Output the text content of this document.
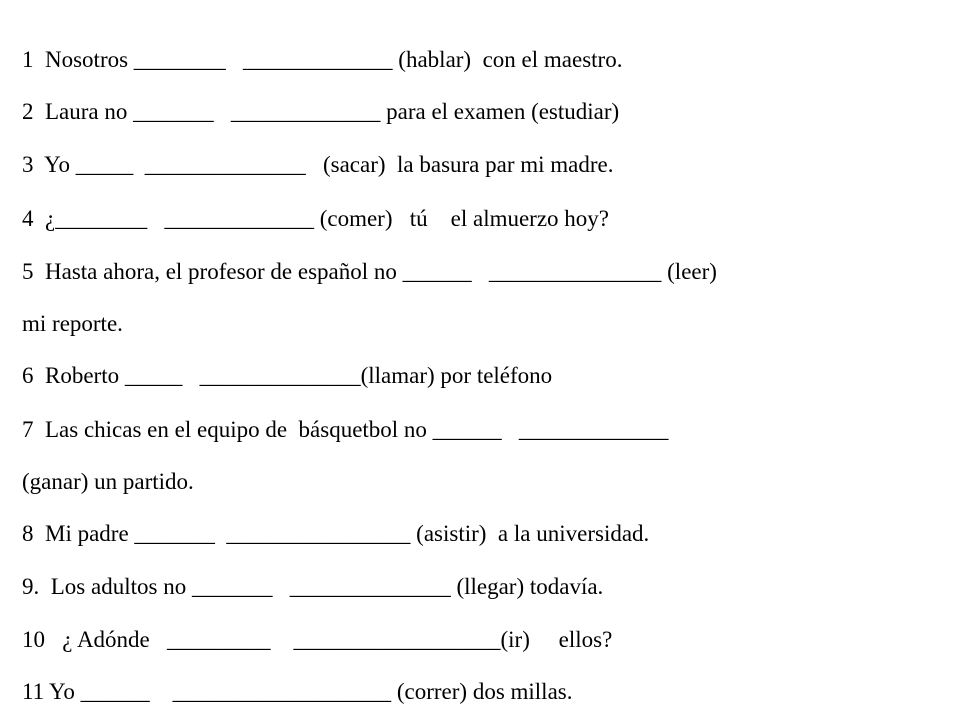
1  Nosotros ________   _____________ (hablar)  con el maestro.
2  Laura no _______   _____________ para el examen (estudiar)
3  Yo _____  ______________   (sacar)  la basura par mi madre.
4  ¿________   _____________ (comer)   tú    el almuerzo hoy?
5  Hasta ahora, el profesor de español no ______   _______________ (leer)
mi reporte.
6  Roberto _____   ______________(llamar) por teléfono
7  Las chicas en el equipo de  básquetbol no ______   _____________
(ganar) un partido.
8  Mi padre _______  ________________ (asistir)  a la universidad.
9.  Los adultos no _______   ______________ (llegar) todavía.
10   ¿ Adónde   _________    __________________(ir)     ellos?
11 Yo ______    ___________________ (correr) dos millas.
